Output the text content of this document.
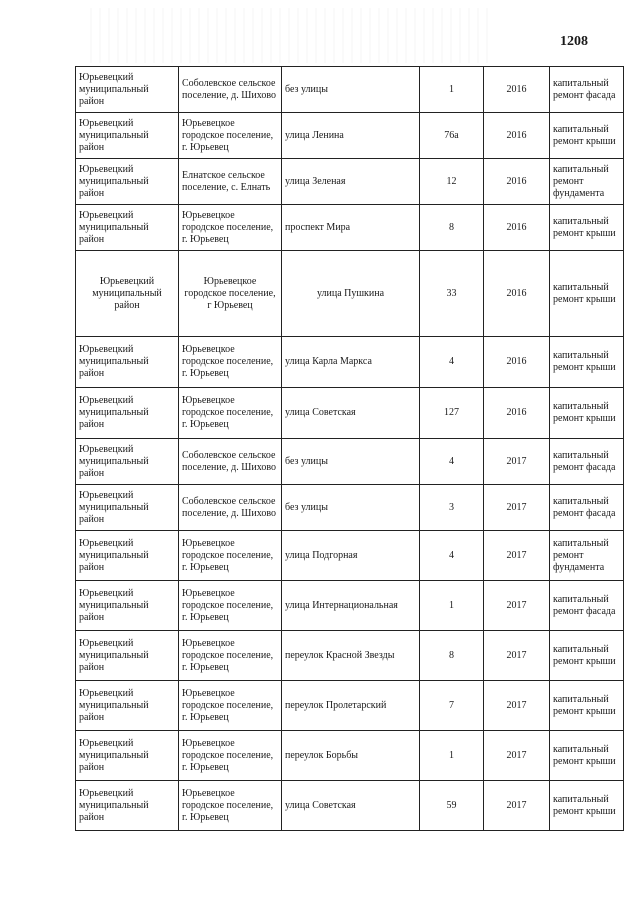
1208
Юрьевецкий муниципальный район	Соболевское сельское поселение, д. Шихово	без улицы	1	2016	капитальный ремонт фасада
Юрьевецкий муниципальный район	Юрьевецкое городское поселение, г. Юрьевец	улица Ленина	76а	2016	капитальный ремонт крыши
Юрьевецкий муниципальный район	Елнатское сельское поселение, с. Елнать	улица Зеленая	12	2016	капитальный ремонт фундамента
Юрьевецкий муниципальный район	Юрьевецкое городское поселение, г. Юрьевец	проспект Мира	8	2016	капитальный ремонт крыши
Юрьевецкий муниципальный район	Юрьевецкое городское поселение, г Юрьевец	улица Пушкина	33	2016	капитальный ремонт крыши
Юрьевецкий муниципальный район	Юрьевецкое городское поселение, г. Юрьевец	улица Карла Маркса	4	2016	капитальный ремонт крыши
Юрьевецкий муниципальный район	Юрьевецкое городское поселение, г. Юрьевец	улица Советская	127	2016	капитальный ремонт крыши
Юрьевецкий муниципальный район	Соболевское сельское поселение, д. Шихово	без улицы	4	2017	капитальный ремонт фасада
Юрьевецкий муниципальный район	Соболевское сельское поселение, д. Шихово	без улицы	3	2017	капитальный ремонт фасада
Юрьевецкий муниципальный район	Юрьевецкое городское поселение, г. Юрьевец	улица Подгорная	4	2017	капитальный ремонт фундамента
Юрьевецкий муниципальный район	Юрьевецкое городское поселение, г. Юрьевец	улица Интернациональная	1	2017	капитальный ремонт фасада
Юрьевецкий муниципальный район	Юрьевецкое городское поселение, г. Юрьевец	переулок Красной Звезды	8	2017	капитальный ремонт крыши
Юрьевецкий муниципальный район	Юрьевецкое городское поселение, г. Юрьевец	переулок Пролетарский	7	2017	капитальный ремонт крыши
Юрьевецкий муниципальный район	Юрьевецкое городское поселение, г. Юрьевец	переулок Борьбы	1	2017	капитальный ремонт крыши
Юрьевецкий муниципальный район	Юрьевецкое городское поселение, г. Юрьевец	улица Советская	59	2017	капитальный ремонт крыши
